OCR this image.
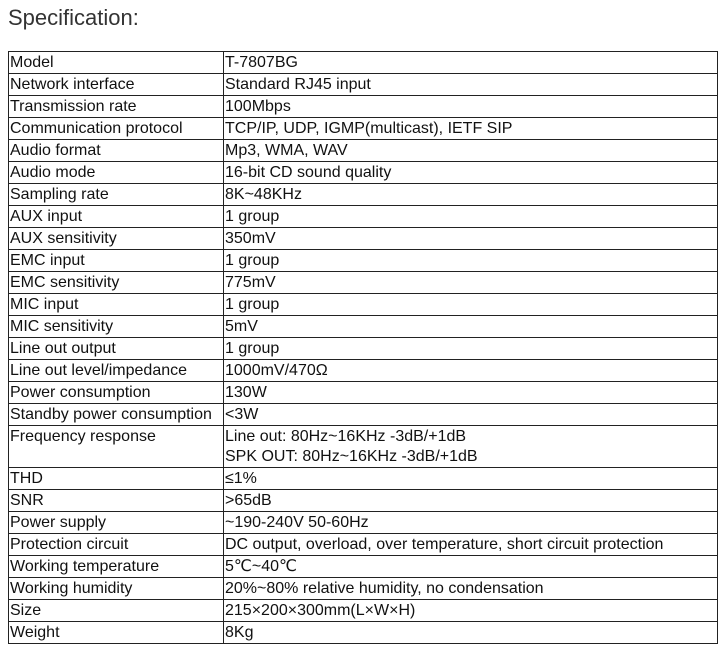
Specification:
Model	T-7807BG

Network interface	Standard RJ45 input

Transmission rate	100Mbps

Communication protocol	TCP/IP, UDP, IGMP(multicast), IETF SIP

Audio format	Mp3, WMA, WAV

Audio mode	16-bit CD sound quality

Sampling rate	8K~48KHz

AUX input	1 group

AUX sensitivity	350mV

EMC input	1 group

EMC sensitivity	775mV

MIC input	1 group

MIC sensitivity	5mV

Line out output	1 group

Line out level/impedance	1000mV/470Ω

Power consumption	130W

Standby power consumption	<3W

Frequency response	Line out: 80Hz~16KHz -3dB/+1dB
SPK OUT: 80Hz~16KHz -3dB/+1dB

THD	≤1%

SNR	>65dB

Power supply	~190-240V 50-60Hz

Protection circuit	DC output, overload, over temperature, short circuit protection

Working temperature	5℃~40℃

Working humidity	20%~80% relative humidity, no condensation

Size	215×200×300mm(L×W×H)

Weight	8Kg
